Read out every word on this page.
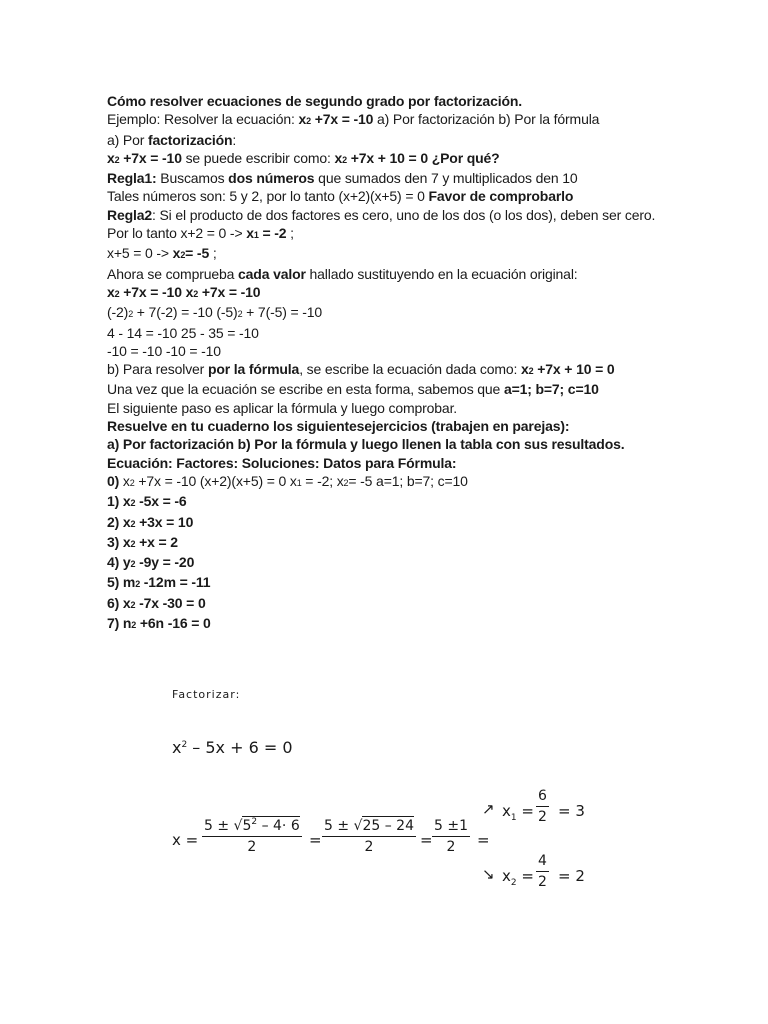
Cómo resolver ecuaciones de segundo grado por factorización.
Ejemplo: Resolver la ecuación: x2 +7x = -10 a) Por factorización b) Por la fórmula
a) Por factorización:
x2 +7x = -10 se puede escribir como: x2 +7x + 10 = 0 ¿Por qué?
Regla1: Buscamos dos números que sumados den 7 y multiplicados den 10
Tales números son: 5 y 2, por lo tanto (x+2)(x+5) = 0 Favor de comprobarlo
Regla2: Si el producto de dos factores es cero, uno de los dos (o los dos), deben ser cero.
Por lo tanto x+2 = 0 -> x1 = -2 ;
x+5 = 0 -> x2= -5 ;
Ahora se comprueba cada valor hallado sustituyendo en la ecuación original:
x2 +7x = -10 x2 +7x = -10
(-2)2 + 7(-2) = -10 (-5)2 + 7(-5) = -10
4 - 14 = -10 25 - 35 = -10
-10 = -10 -10 = -10
b) Para resolver por la fórmula, se escribe la ecuación dada como: x2 +7x + 10 = 0
Una vez que la ecuación se escribe en esta forma, sabemos que a=1; b=7; c=10
El siguiente paso es aplicar la fórmula y luego comprobar.
Resuelve en tu cuaderno los siguientesejercicios (trabajen en parejas):
a) Por factorización b) Por la fórmula y luego llenen la tabla con sus resultados.
Ecuación: Factores: Soluciones: Datos para Fórmula:
0) x2 +7x = -10 (x+2)(x+5) = 0 x1 = -2; x2= -5 a=1; b=7; c=10
1) x2 -5x = -6
2) x2 +3x = 10
3) x2 +x = 2
4) y2 -9y = -20
5) m2 -12m = -11
6) x2 -7x -30 = 0
7) n2 +6n -16 = 0
Factorizar:
$x^2 - 5x + 6 = 0$
$x = \frac{5 \pm √5^2 - 4\cdot 6}{2} = \frac{5 \pm √25 - 24}{2} = \frac{5 \pm 1}{2}$ =
↗ $x_1 = \frac{6}{2} = 3$
↘ $x_2 = \frac{4}{2} = 2$
